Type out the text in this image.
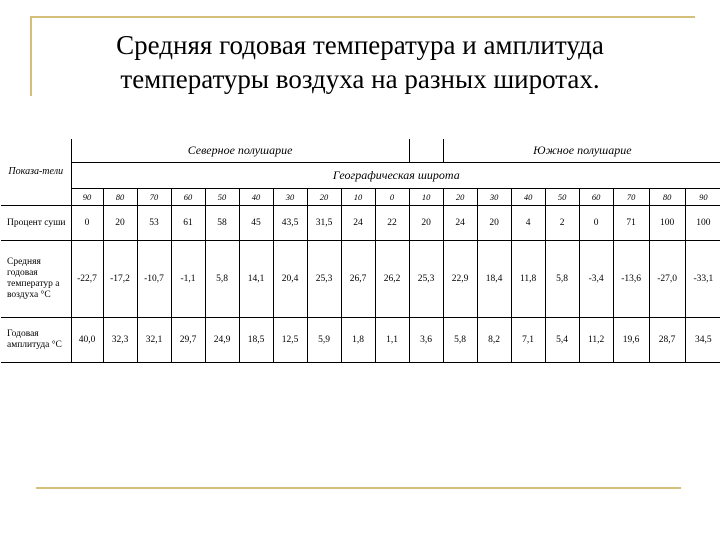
Средняя годовая температура и амплитуда
температуры воздуха на разных широтах.
Показа-тели	Северное полушарие											Южное полушарие							
	Географическая широта																		
	90	80	70	60	50	40	30	20	10	0	10	20	30	40	50	60	70	80	90
Процент суши	0	20	53	61	58	45	43,5	31,5	24	22	20	24	20	4	2	0	71	100	100
Средняя годовая температур а воздуха °С	-22,7	-17,2	-10,7	-1,1	5,8	14,1	20,4	25,3	26,7	26,2	25,3	22,9	18,4	11,8	5,8	-3,4	-13,6	-27,0	-33,1
Годовая амплитуда °С	40,0	32,3	32,1	29,7	24,9	18,5	12,5	5,9	1,8	1,1	3,6	5,8	8,2	7,1	5,4	11,2	19,6	28,7	34,5
